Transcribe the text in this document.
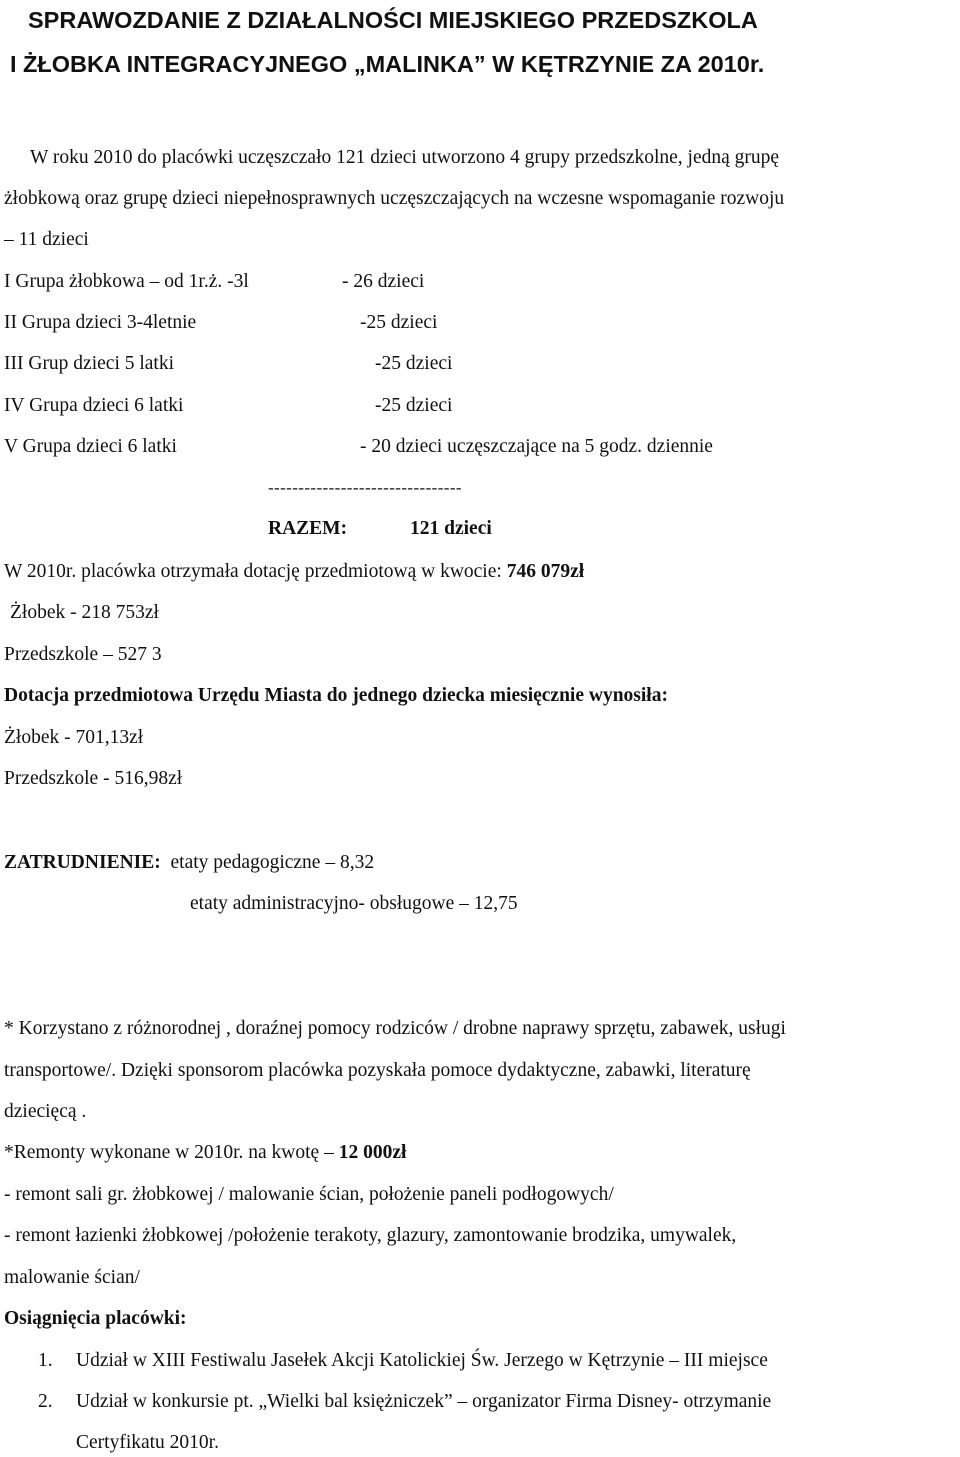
SPRAWOZDANIE Z DZIAŁALNOŚCI MIEJSKIEGO PRZEDSZKOLA
I ŻŁOBKA INTEGRACYJNEGO „MALINKA” W KĘTRZYNIE ZA 2010r.
W roku 2010 do placówki uczęszczało 121 dzieci utworzono 4 grupy przedszkolne, jedną grupę
żłobkową oraz grupę dzieci niepełnosprawnych uczęszczających na wczesne wspomaganie rozwoju
– 11 dzieci
I Grupa żłobkowa – od 1r.ż. -3l	- 26 dzieci
II Grupa dzieci 3-4letnie	-25 dzieci
III Grup dzieci 5 latki	-25 dzieci
IV Grupa dzieci 6 latki	-25 dzieci
V Grupa dzieci 6 latki	- 20 dzieci uczęszczające na 5 godz. dziennie
--------------------------------
RAZEM:	121 dzieci
W 2010r. placówka otrzymała dotację przedmiotową w kwocie: 746 079zł
Żłobek - 218 753zł
Przedszkole – 527 3
Dotacja przedmiotowa Urzędu Miasta do jednego dziecka miesięcznie wynosiła:
Żłobek - 701,13zł
Przedszkole - 516,98zł
ZATRUDNIENIE: etaty pedagogiczne – 8,32
etaty administracyjno- obsługowe – 12,75
* Korzystano z różnorodnej , doraźnej pomocy rodziców / drobne naprawy sprzętu, zabawek, usługi
transportowe/. Dzięki sponsorom placówka pozyskała pomoce dydaktyczne, zabawki, literaturę
dziecięcą .
*Remonty wykonane w 2010r. na kwotę – 12 000zł
- remont sali gr. żłobkowej / malowanie ścian, położenie paneli podłogowych/
- remont łazienki żłobkowej /położenie terakoty, glazury, zamontowanie brodzika, umywalek,
malowanie ścian/
Osiągnięcia placówki:
1. Udział w XIII Festiwalu Jasełek Akcji Katolickiej Św. Jerzego w Kętrzynie – III miejsce
2. Udział w konkursie pt. „Wielki bal księżniczek” – organizator Firma Disney- otrzymanie
Certyfikatu 2010r.
